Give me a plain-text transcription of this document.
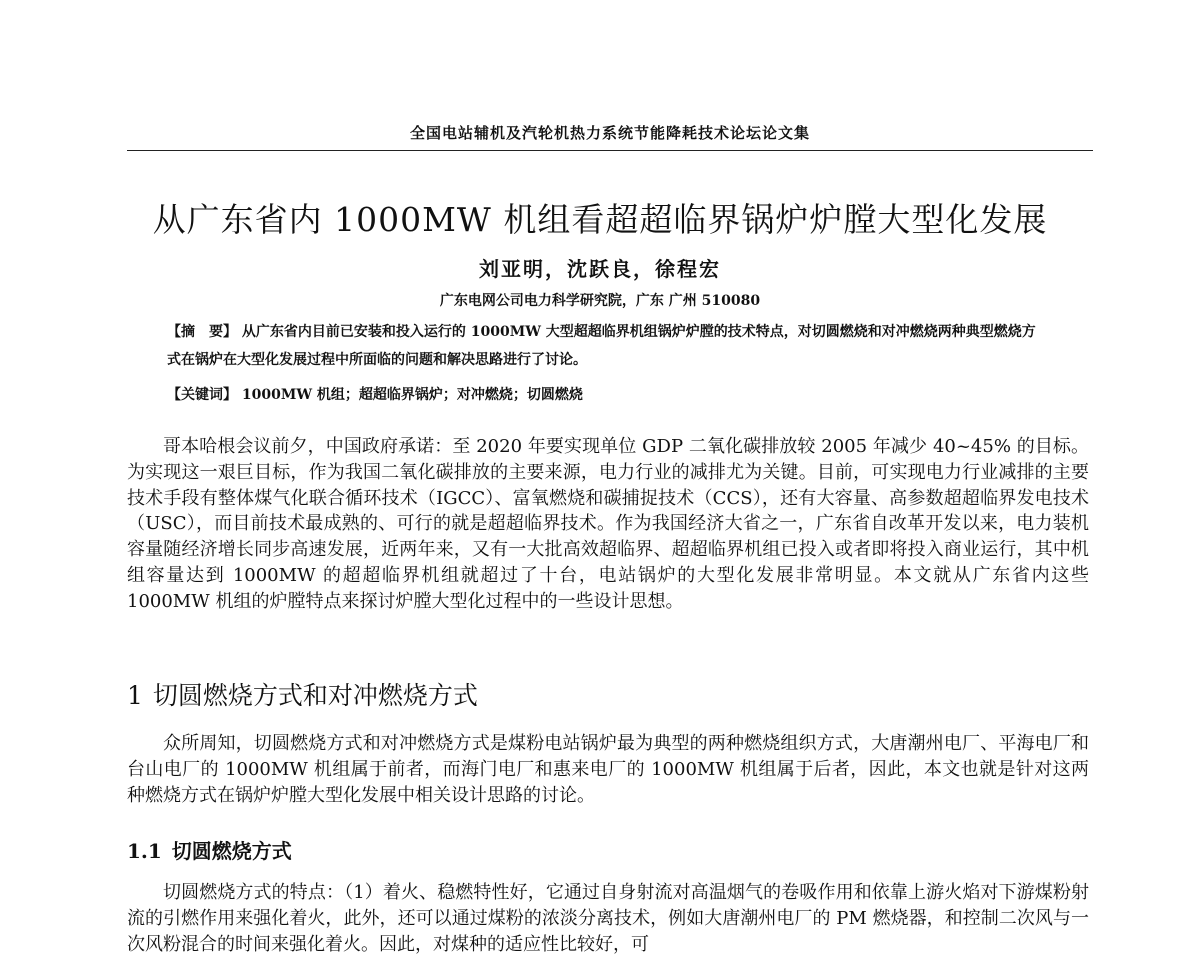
全国电站辅机及汽轮机热力系统节能降耗技术论坛论文集
从广东省内 1000MW 机组看超超临界锅炉炉膛大型化发展
刘亚明，沈跃良，徐程宏
广东电网公司电力科学研究院，广东 广州 510080
【摘　要】 从广东省内目前已安装和投入运行的 1000MW 大型超超临界机组锅炉炉膛的技术特点，对切圆燃烧和对冲燃烧两种典型燃烧方式在锅炉在大型化发展过程中所面临的问题和解决思路进行了讨论。
【关键词】 1000MW 机组；超超临界锅炉；对冲燃烧；切圆燃烧
哥本哈根会议前夕，中国政府承诺：至 2020 年要实现单位 GDP 二氧化碳排放较 2005 年减少 40~45% 的目标。为实现这一艰巨目标，作为我国二氧化碳排放的主要来源，电力行业的减排尤为关键。目前，可实现电力行业减排的主要技术手段有整体煤气化联合循环技术（IGCC）、富氧燃烧和碳捕捉技术（CCS），还有大容量、高参数超超临界发电技术（USC），而目前技术最成熟的、可行的就是超超临界技术。作为我国经济大省之一，广东省自改革开发以来，电力装机容量随经济增长同步高速发展，近两年来，又有一大批高效超临界、超超临界机组已投入或者即将投入商业运行，其中机组容量达到 1000MW 的超超临界机组就超过了十台，电站锅炉的大型化发展非常明显。本文就从广东省内这些 1000MW 机组的炉膛特点来探讨炉膛大型化过程中的一些设计思想。
1 切圆燃烧方式和对冲燃烧方式
众所周知，切圆燃烧方式和对冲燃烧方式是煤粉电站锅炉最为典型的两种燃烧组织方式，大唐潮州电厂、平海电厂和台山电厂的 1000MW 机组属于前者，而海门电厂和惠来电厂的 1000MW 机组属于后者，因此，本文也就是针对这两种燃烧方式在锅炉炉膛大型化发展中相关设计思路的讨论。
1.1 切圆燃烧方式
切圆燃烧方式的特点：（1）着火、稳燃特性好，它通过自身射流对高温烟气的卷吸作用和依靠上游火焰对下游煤粉射流的引燃作用来强化着火，此外，还可以通过煤粉的浓淡分离技术，例如大唐潮州电厂的 PM 燃烧器，和控制二次风与一次风粉混合的时间来强化着火。因此，对煤种的适应性比较好，可
